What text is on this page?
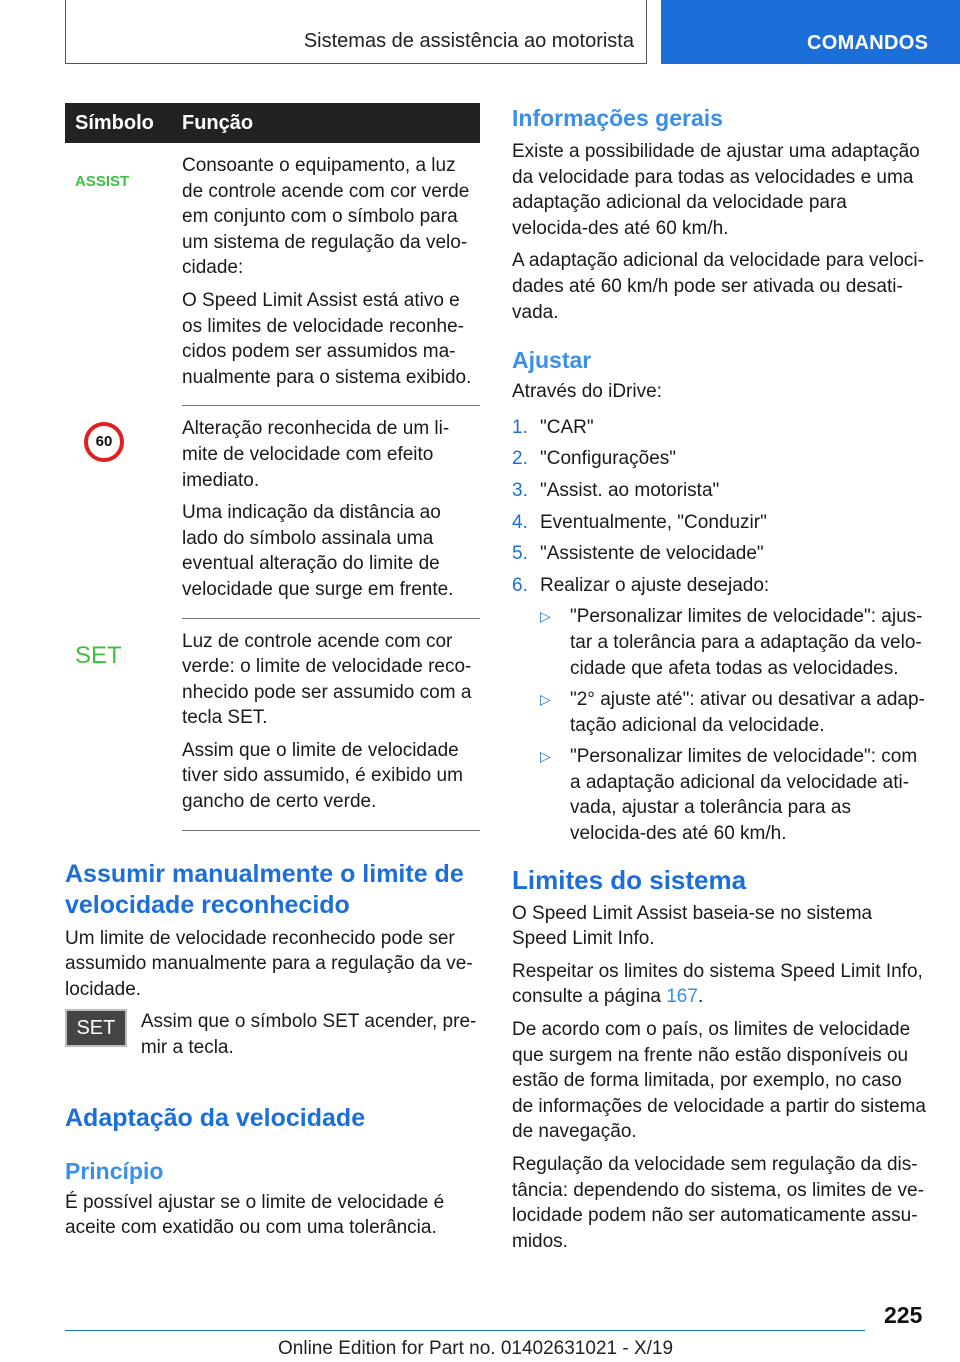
Sistemas de assistência ao motorista	COMANDOS
Símbolo	Função

ASSIST	Consoante o equipamento, a luz de controle acende com cor verde em conjunto com o símbolo para um sistema de regulação da velo-cidade:

O Speed Limit Assist está ativo e os limites de velocidade reconhe-cidos podem ser assumidos ma-nualmente para o sistema exibido.

60	Alteração reconhecida de um li-mite de velocidade com efeito imediato.

Uma indicação da distância ao lado do símbolo assinala uma eventual alteração do limite de velocidade que surge em frente.

SET	Luz de controle acende com cor verde: o limite de velocidade reco-nhecido pode ser assumido com a tecla SET.

Assim que o limite de velocidade tiver sido assumido, é exibido um gancho de certo verde.

Assumir manualmente o limite de velocidade reconhecido

Um limite de velocidade reconhecido pode ser assumido manualmente para a regulação da ve-locidade.

SET	Assim que o símbolo SET acender, pre-mir a tecla.
Adaptação da velocidade
Princípio

É possível ajustar se o limite de velocidade é aceite com exatidão ou com uma tolerância.

Informações gerais

Existe a possibilidade de ajustar uma adaptação da velocidade para todas as velocidades e uma adaptação adicional da velocidade para velocida-des até 60 km/h.

A adaptação adicional da velocidade para veloci-dades até 60 km/h pode ser ativada ou desati-vada.

Ajustar

Através do iDrive:

1. "CAR"
2. "Configurações"
3. "Assist. ao motorista"
4. Eventualmente, "Conduzir"
5. "Assistente de velocidade"
6. Realizar o ajuste desejado:
▷	"Personalizar limites de velocidade": ajus-tar a tolerância para a adaptação da velo-cidade que afeta todas as velocidades.
▷	"2° ajuste até": ativar ou desativar a adap-tação adicional da velocidade.
▷	"Personalizar limites de velocidade": com a adaptação adicional da velocidade ati-vada, ajustar a tolerância para as velocida-des até 60 km/h.
Limites do sistema

O Speed Limit Assist baseia-se no sistema Speed Limit Info.

Respeitar os limites do sistema Speed Limit Info, consulte a página 167.

De acordo com o país, os limites de velocidade que surgem na frente não estão disponíveis ou estão de forma limitada, por exemplo, no caso de informações de velocidade a partir do sistema de navegação.

Regulação da velocidade sem regulação da dis-tância: dependendo do sistema, os limites de ve-locidade podem não ser automaticamente assu-midos.

225
Online Edition for Part no. 01402631021 - X/19
